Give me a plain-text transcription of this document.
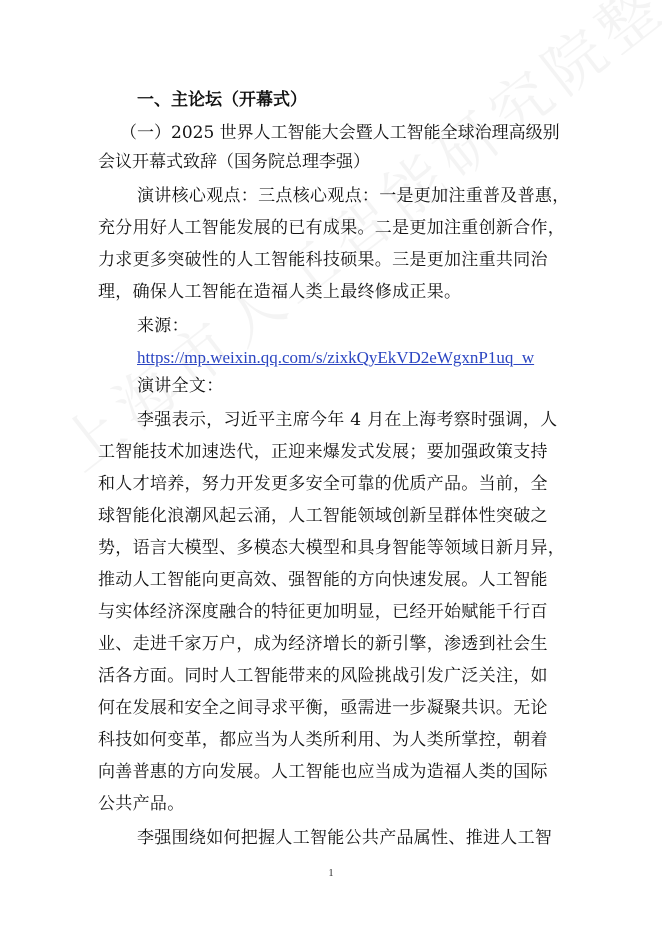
一、主论坛（开幕式）
（一）2025 世界人工智能大会暨人工智能全球治理高级别
会议开幕式致辞（国务院总理李强）
演讲核心观点：三点核心观点：一是更加注重普及普惠，
充分用好人工智能发展的已有成果。二是更加注重创新合作，
力求更多突破性的人工智能科技硕果。三是更加注重共同治
理，确保人工智能在造福人类上最终修成正果。
来源：
https://mp.weixin.qq.com/s/zixkQyEkVD2eWgxnP1uq_w
演讲全文：
李强表示，习近平主席今年 4 月在上海考察时强调，人
工智能技术加速迭代，正迎来爆发式发展；要加强政策支持
和人才培养，努力开发更多安全可靠的优质产品。当前，全
球智能化浪潮风起云涌，人工智能领域创新呈群体性突破之
势，语言大模型、多模态大模型和具身智能等领域日新月异，
推动人工智能向更高效、强智能的方向快速发展。人工智能
与实体经济深度融合的特征更加明显，已经开始赋能千行百
业、走进千家万户，成为经济增长的新引擎，渗透到社会生
活各方面。同时人工智能带来的风险挑战引发广泛关注，如
何在发展和安全之间寻求平衡，亟需进一步凝聚共识。无论
科技如何变革，都应当为人类所利用、为人类所掌控，朝着
向善普惠的方向发展。人工智能也应当成为造福人类的国际
公共产品。
李强围绕如何把握人工智能公共产品属性、推进人工智
1
